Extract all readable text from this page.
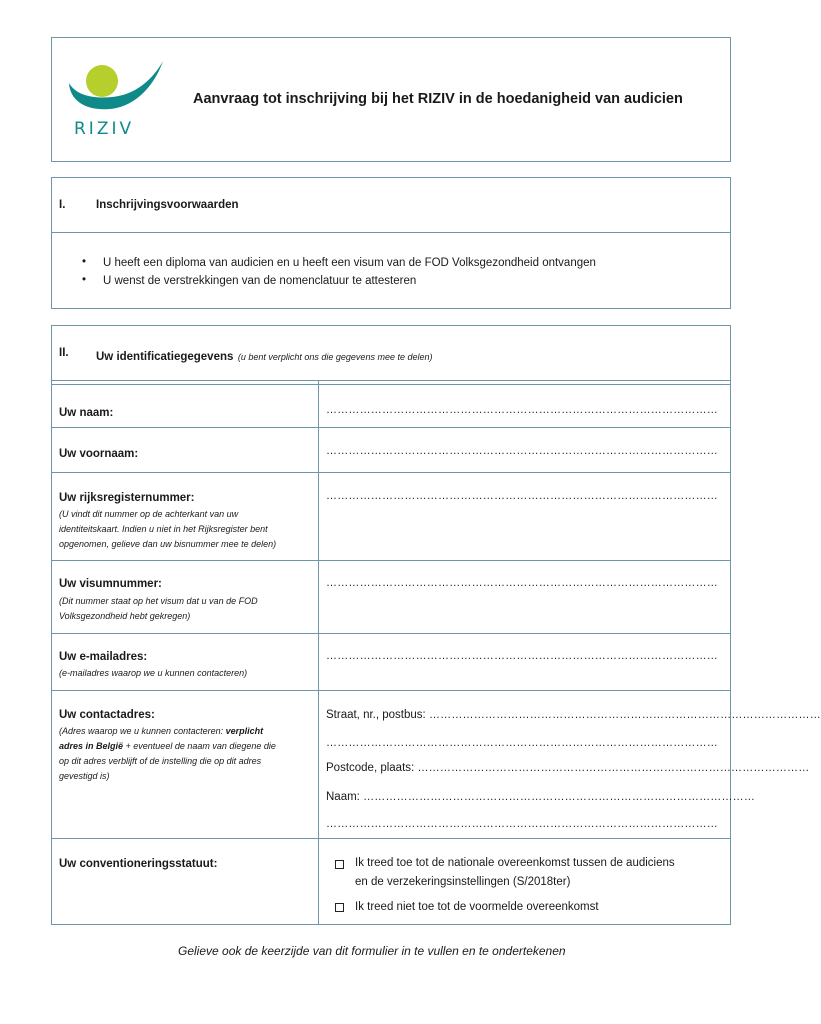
RIZIV
Aanvraag tot inschrijving bij het RIZIV in de hoedanigheid van audicien
I.	Inschrijvingsvoorwaarden
• U heeft een diploma van audicien en u heeft een visum van de FOD Volksgezondheid ontvangen
• U wenst de verstrekkingen van de nomenclatuur te attesteren
II. Uw identificatiegegevens (u bent verplicht ons die gegevens mee te delen)
Uw naam:	……………………………………………………………………………………………
Uw voornaam:	……………………………………………………………………………………………
Uw rijksregisternummer:
(U vindt dit nummer op de achterkant van uw
identiteitskaart. Indien u niet in het Rijksregister bent
opgenomen, gelieve dan uw bisnummer mee te delen)
……………………………………………………………………………………………
Uw visumnummer:
(Dit nummer staat op het visum dat u van de FOD
Volksgezondheid hebt gekregen)
……………………………………………………………………………………………
Uw e-mailadres:
(e-mailadres waarop we u kunnen contacteren)
……………………………………………………………………………………………
Uw contactadres:
(Adres waarop we u kunnen contacteren: verplicht
adres in België + eventueel de naam van diegene die
op dit adres verblijft of de instelling die op dit adres
gevestigd is)
Straat, nr., postbus: ……………………………………………………………………………………………
……………………………………………………………………………………………
Postcode, plaats: ……………………………………………………………………………………………
Naam: ……………………………………………………………………………………………
……………………………………………………………………………………………
Uw conventioneringsstatuut:	Ik treed toe tot de nationale overeenkomst tussen de audiciens
en de verzekeringsinstellingen (S/2018ter)
Ik treed niet toe tot de voormelde overeenkomst
Gelieve ook de keerzijde van dit formulier in te vullen en te ondertekenen
